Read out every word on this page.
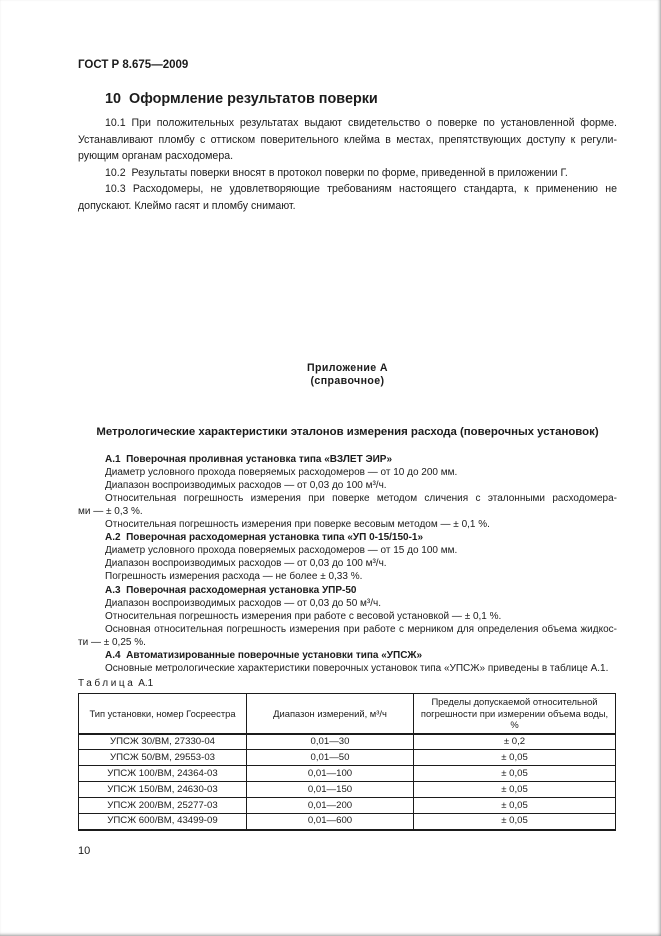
ГОСТ Р 8.675—2009
10  Оформление результатов поверки

10.1 При положительных результатах выдают свидетельство о поверке по установленной форме.
Устанавливают пломбу с оттиском поверительного клейма в местах, препятствующих доступу к регули-
рующим органам расходомера.

10.2  Результаты поверки вносят в протокол поверки по форме, приведенной в приложении Г.

10.3 Расходомеры, не удовлетворяющие требованиям настоящего стандарта, к применению не
допускают. Клеймо гасят и пломбу снимают.

Приложение А
(справочное)
Метрологические характеристики эталонов измерения расхода (поверочных установок)

А.1  Поверочная проливная установка типа «ВЗЛЕТ ЭИР»

Диаметр условного прохода поверяемых расходомеров — от 10 до 200 мм.

Диапазон воспроизводимых расходов — от 0,03 до 100 м³/ч.

Относительная погрешность измерения при поверке методом сличения с эталонными расходомера-
ми — ± 0,3 %.

Относительная погрешность измерения при поверке весовым методом — ± 0,1 %.

А.2  Поверочная расходомерная установка типа «УП 0-15/150-1»

Диаметр условного прохода поверяемых расходомеров — от 15 до 100 мм.

Диапазон воспроизводимых расходов — от 0,03 до 100 м³/ч.

Погрешность измерения расхода — не более ± 0,33 %.

А.3  Поверочная расходомерная установка УПР-50

Диапазон воспроизводимых расходов — от 0,03 до 50 м³/ч.

Относительная погрешность измерения при работе с весовой установкой — ± 0,1 %.

Основная относительная погрешность измерения при работе с мерником для определения объема жидкос-
ти — ± 0,25 %.

А.4  Автоматизированные поверочные установки типа «УПСЖ»

Основные метрологические характеристики поверочных установок типа «УПСЖ» приведены в таблице А.1.

Таблица А.1
Тип установки, номер Госреестра	Диапазон измерений, м³/ч	Пределы допускаемой относительной погрешности при измерении объема воды, %
УПСЖ 30/ВМ, 27330-04	0,01—30	± 0,2
УПСЖ 50/ВМ, 29553-03	0,01—50	± 0,05
УПСЖ 100/ВМ, 24364-03	0,01—100	± 0,05
УПСЖ 150/ВМ, 24630-03	0,01—150	± 0,05
УПСЖ 200/ВМ, 25277-03	0,01—200	± 0,05
УПСЖ 600/ВМ, 43499-09	0,01—600	± 0,05
10
